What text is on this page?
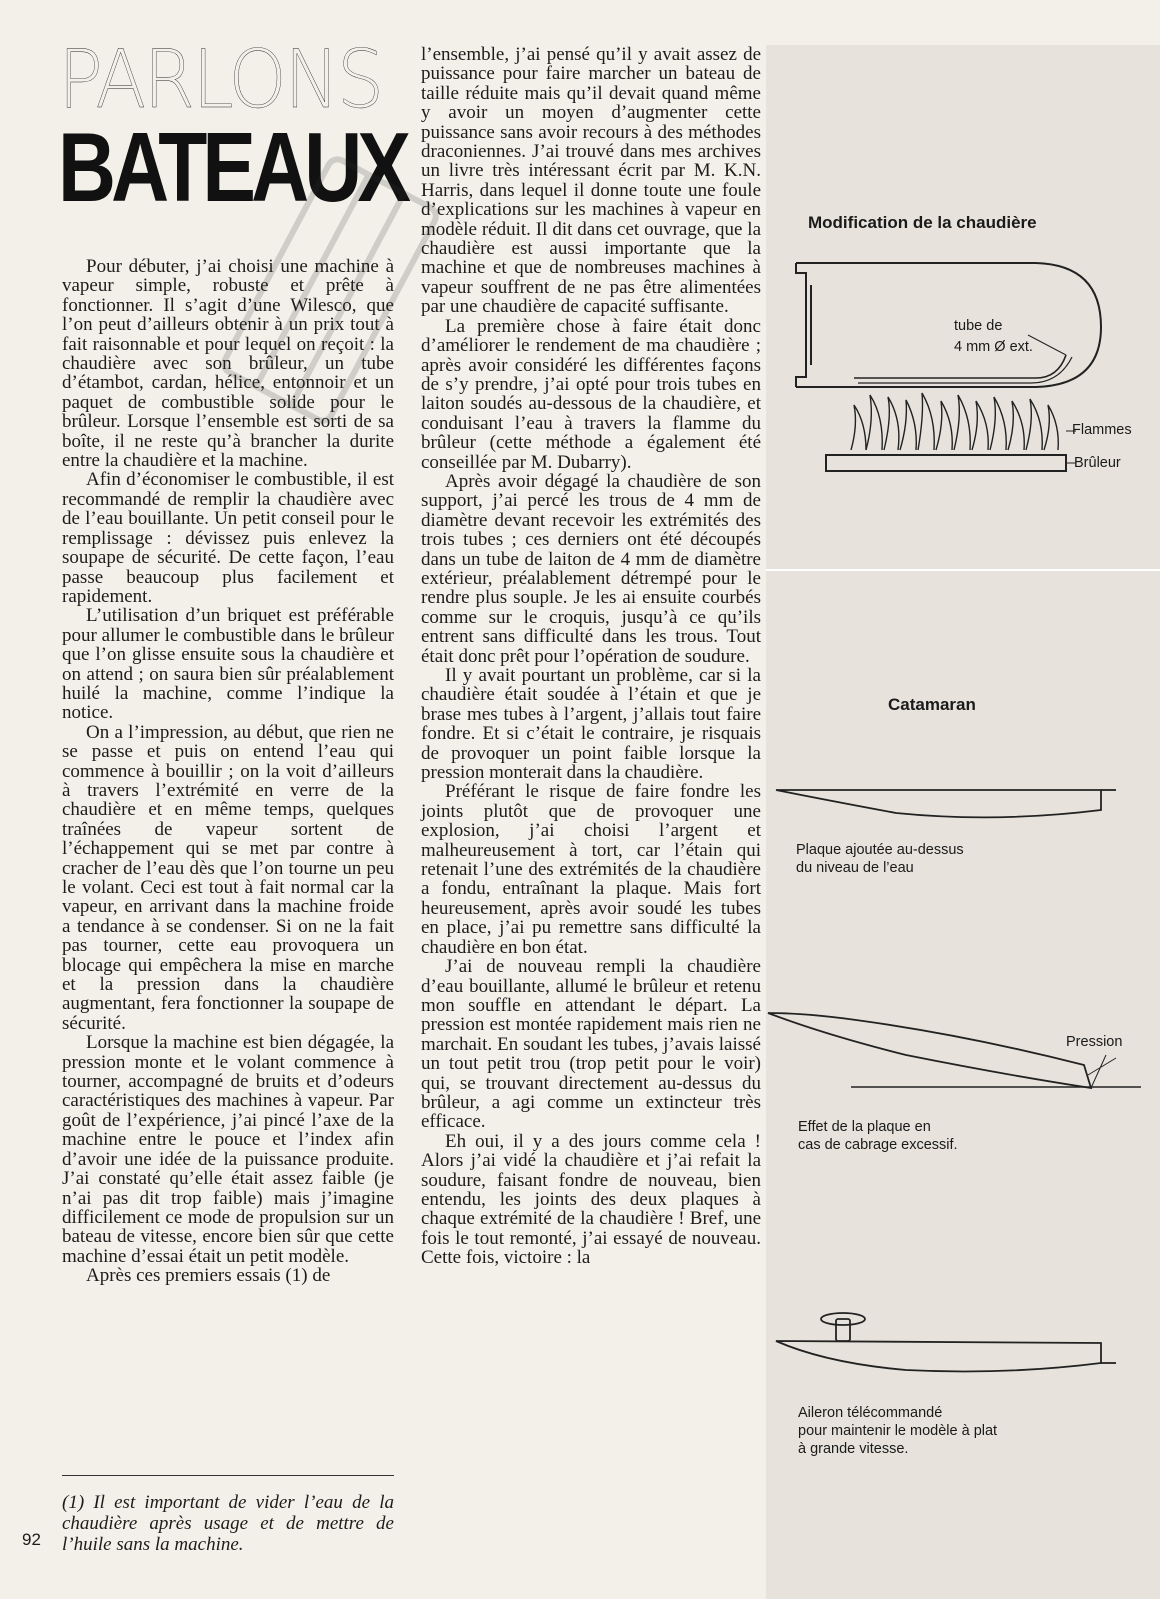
PARLONS
BATEAUX

Pour débuter, j’ai choisi une machine à vapeur simple, robuste et prête à fonctionner. Il s’agit d’une Wilesco, que l’on peut d’ailleurs obtenir à un prix tout à fait raisonnable et pour lequel on reçoit : la chaudière avec son brûleur, un tube d’étambot, cardan, hélice, entonnoir et un paquet de combustible solide pour le brûleur. Lorsque l’ensemble est sorti de sa boîte, il ne reste qu’à brancher la durite entre la chaudière et la machine.

Afin d’économiser le combustible, il est recommandé de remplir la chaudière avec de l’eau bouillante. Un petit conseil pour le remplissage : dévissez puis enlevez la soupape de sécurité. De cette façon, l’eau passe beaucoup plus facilement et rapidement.

L’utilisation d’un briquet est préférable pour allumer le combustible dans le brûleur que l’on glisse ensuite sous la chaudière et on attend ; on saura bien sûr préalablement huilé la machine, comme l’indique la notice.

On a l’impression, au début, que rien ne se passe et puis on entend l’eau qui commence à bouillir ; on la voit d’ailleurs à travers l’extrémité en verre de la chaudière et en même temps, quelques traînées de vapeur sortent de l’échappement qui se met par contre à cracher de l’eau dès que l’on tourne un peu le volant. Ceci est tout à fait normal car la vapeur, en arrivant dans la machine froide a tendance à se condenser. Si on ne la fait pas tourner, cette eau provoquera un blocage qui empêchera la mise en marche et la pression dans la chaudière augmentant, fera fonctionner la soupape de sécurité.

Lorsque la machine est bien dégagée, la pression monte et le volant commence à tourner, accompagné de bruits et d’odeurs caractéristiques des machines à vapeur. Par goût de l’expérience, j’ai pincé l’axe de la machine entre le pouce et l’index afin d’avoir une idée de la puissance produite. J’ai constaté qu’elle était assez faible (je n’ai pas dit trop faible) mais j’imagine difficilement ce mode de propulsion sur un bateau de vitesse, encore bien sûr que cette machine d’essai était un petit modèle.

Après ces premiers essais (1) de

(1) Il est important de vider l’eau de la chaudière après usage et de mettre de l’huile sans la machine.
92

l’ensemble, j’ai pensé qu’il y avait assez de puissance pour faire marcher un bateau de taille réduite mais qu’il devait quand même y avoir un moyen d’augmenter cette puissance sans avoir recours à des méthodes draconiennes. J’ai trouvé dans mes archives un livre très intéressant écrit par M. K.N. Harris, dans lequel il donne toute une foule d’explications sur les machines à vapeur en modèle réduit. Il dit dans cet ouvrage, que la chaudière est aussi importante que la machine et que de nombreuses machines à vapeur souffrent de ne pas être alimentées par une chaudière de capacité suffisante.

La première chose à faire était donc d’améliorer le rendement de ma chaudière ; après avoir considéré les différentes façons de s’y prendre, j’ai opté pour trois tubes en laiton soudés au-dessous de la chaudière, et conduisant l’eau à travers la flamme du brûleur (cette méthode a également été conseillée par M. Dubarry).

Après avoir dégagé la chaudière de son support, j’ai percé les trous de 4 mm de diamètre devant recevoir les extrémités des trois tubes ; ces derniers ont été découpés dans un tube de laiton de 4 mm de diamètre extérieur, préalablement détrempé pour le rendre plus souple. Je les ai ensuite courbés comme sur le croquis, jusqu’à ce qu’ils entrent sans difficulté dans les trous. Tout était donc prêt pour l’opération de soudure.

Il y avait pourtant un problème, car si la chaudière était soudée à l’étain et que je brase mes tubes à l’argent, j’allais tout faire fondre. Et si c’était le contraire, je risquais de provoquer un point faible lorsque la pression monterait dans la chaudière.

Préférant le risque de faire fondre les joints plutôt que de provoquer une explosion, j’ai choisi l’argent et malheureusement à tort, car l’étain qui retenait l’une des extrémités de la chaudière a fondu, entraînant la plaque. Mais fort heureusement, après avoir soudé les tubes en place, j’ai pu remettre sans difficulté la chaudière en bon état.

J’ai de nouveau rempli la chaudière d’eau bouillante, allumé le brûleur et retenu mon souffle en attendant le départ. La pression est montée rapidement mais rien ne marchait. En soudant les tubes, j’avais laissé un tout petit trou (trop petit pour le voir) qui, se trouvant directement au-dessus du brûleur, a agi comme un extincteur très efficace.

Eh oui, il y a des jours comme cela ! Alors j’ai vidé la chaudière et j’ai refait la soudure, faisant fondre de nouveau, bien entendu, les joints des deux plaques à chaque extrémité de la chaudière ! Bref, une fois le tout remonté, j’ai essayé de nouveau. Cette fois, victoire : la

Modification de la chaudière
tube de
4 mm Ø ext.
Flammes
Brûleur
Catamaran
Plaque ajoutée au-dessus
du niveau de l’eau
Pression
Effet de la plaque en
cas de cabrage excessif.
Aileron télécommandé
pour maintenir le modèle à plat
à grande vitesse.
